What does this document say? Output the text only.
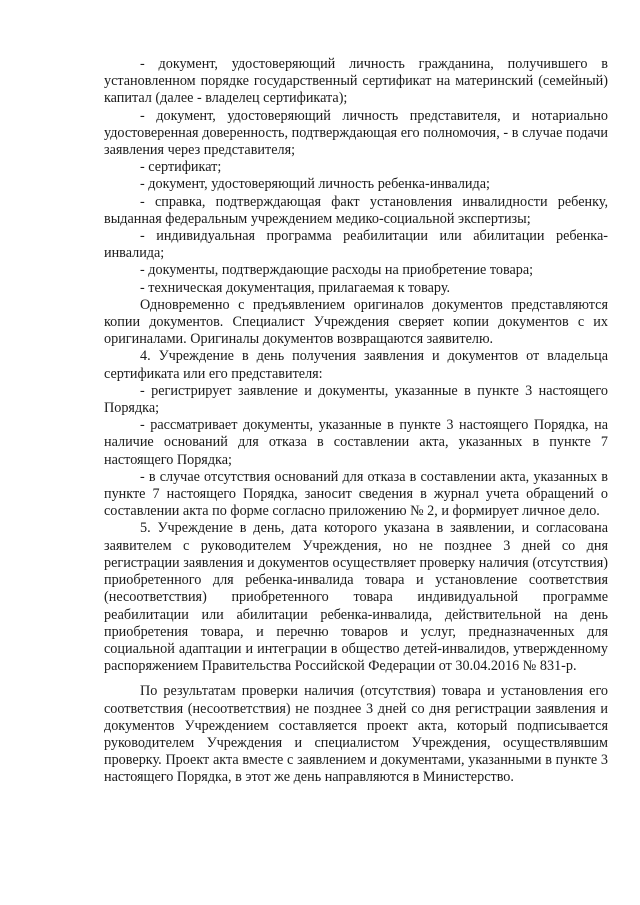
- документ, удостоверяющий личность гражданина, получившего в установленном порядке государственный сертификат на материнский (семейный) капитал (далее - владелец сертификата);

- документ, удостоверяющий личность представителя, и нотариально удостоверенная доверенность, подтверждающая его полномочия, - в случае подачи заявления через представителя;

- сертификат;

- документ, удостоверяющий личность ребенка-инвалида;

- справка, подтверждающая факт установления инвалидности ребенку, выданная федеральным учреждением медико-социальной экспертизы;

- индивидуальная программа реабилитации или абилитации ребенка-инвалида;

- документы, подтверждающие расходы на приобретение товара;

- техническая документация, прилагаемая к товару.

Одновременно с предъявлением оригиналов документов представляются копии документов. Специалист Учреждения сверяет копии документов с их оригиналами. Оригиналы документов возвращаются заявителю.

4. Учреждение в день получения заявления и документов от владельца сертификата или его представителя:

- регистрирует заявление и документы, указанные в пункте 3 настоящего Порядка;

- рассматривает документы, указанные в пункте 3 настоящего Порядка, на наличие оснований для отказа в составлении акта, указанных в пункте 7 настоящего Порядка;

- в случае отсутствия оснований для отказа в составлении акта, указанных в пункте 7 настоящего Порядка, заносит сведения в журнал учета обращений о составлении акта по форме согласно приложению № 2, и формирует личное дело.

5. Учреждение в день, дата которого указана в заявлении, и согласована заявителем с руководителем Учреждения, но не позднее 3 дней со дня регистрации заявления и документов осуществляет проверку наличия (отсутствия) приобретенного для ребенка-инвалида товара и установление соответствия (несоответствия) приобретенного товара индивидуальной программе реабилитации или абилитации ребенка-инвалида, действительной на день приобретения товара, и перечню товаров и услуг, предназначенных для социальной адаптации и интеграции в общество детей-инвалидов, утвержденному распоряжением Правительства Российской Федерации от 30.04.2016 № 831-р.

По результатам проверки наличия (отсутствия) товара и установления его соответствия (несоответствия) не позднее 3 дней со дня регистрации заявления и документов Учреждением составляется проект акта, который подписывается руководителем Учреждения и специалистом Учреждения, осуществлявшим проверку. Проект акта вместе с заявлением и документами, указанными в пункте 3 настоящего Порядка, в этот же день направляются в Министерство.
